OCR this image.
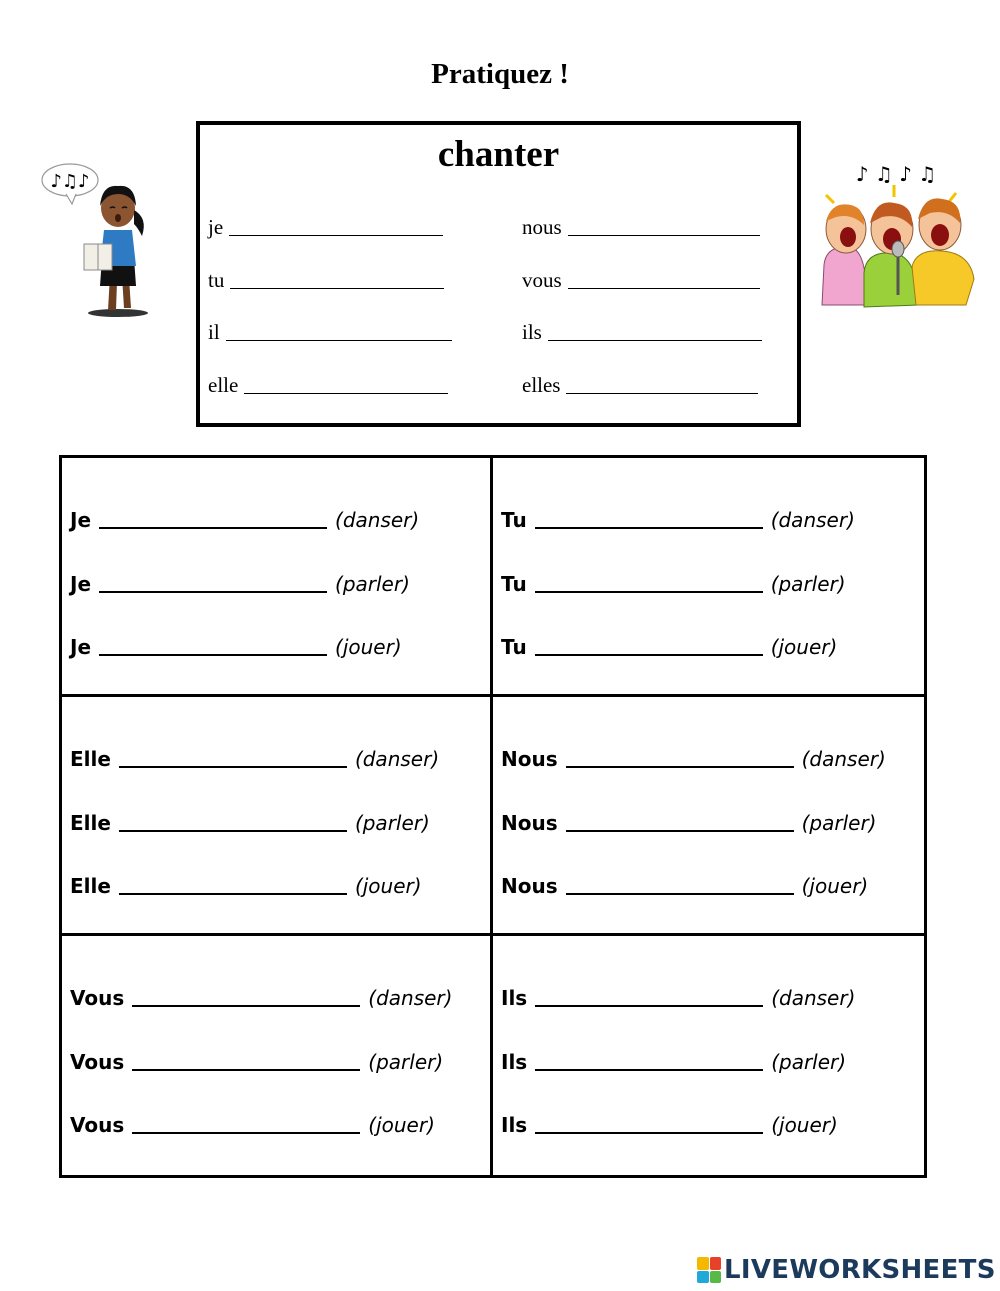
Pratiquez !
♪♫♪	♪ ♫ ♪ ♫
chanter
je
tu
il
elle
nous
vous
ils
elles
Je	(danser)
Je	(parler)
Je	(jouer)
Tu	(danser)
Tu	(parler)
Tu	(jouer)
Elle	(danser)
Elle	(parler)
Elle	(jouer)
Nous	(danser)
Nous	(parler)
Nous	(jouer)
Vous	(danser)
Vous	(parler)
Vous	(jouer)
Ils	(danser)
Ils	(parler)
Ils	(jouer)
LIVEWORKSHEETS
